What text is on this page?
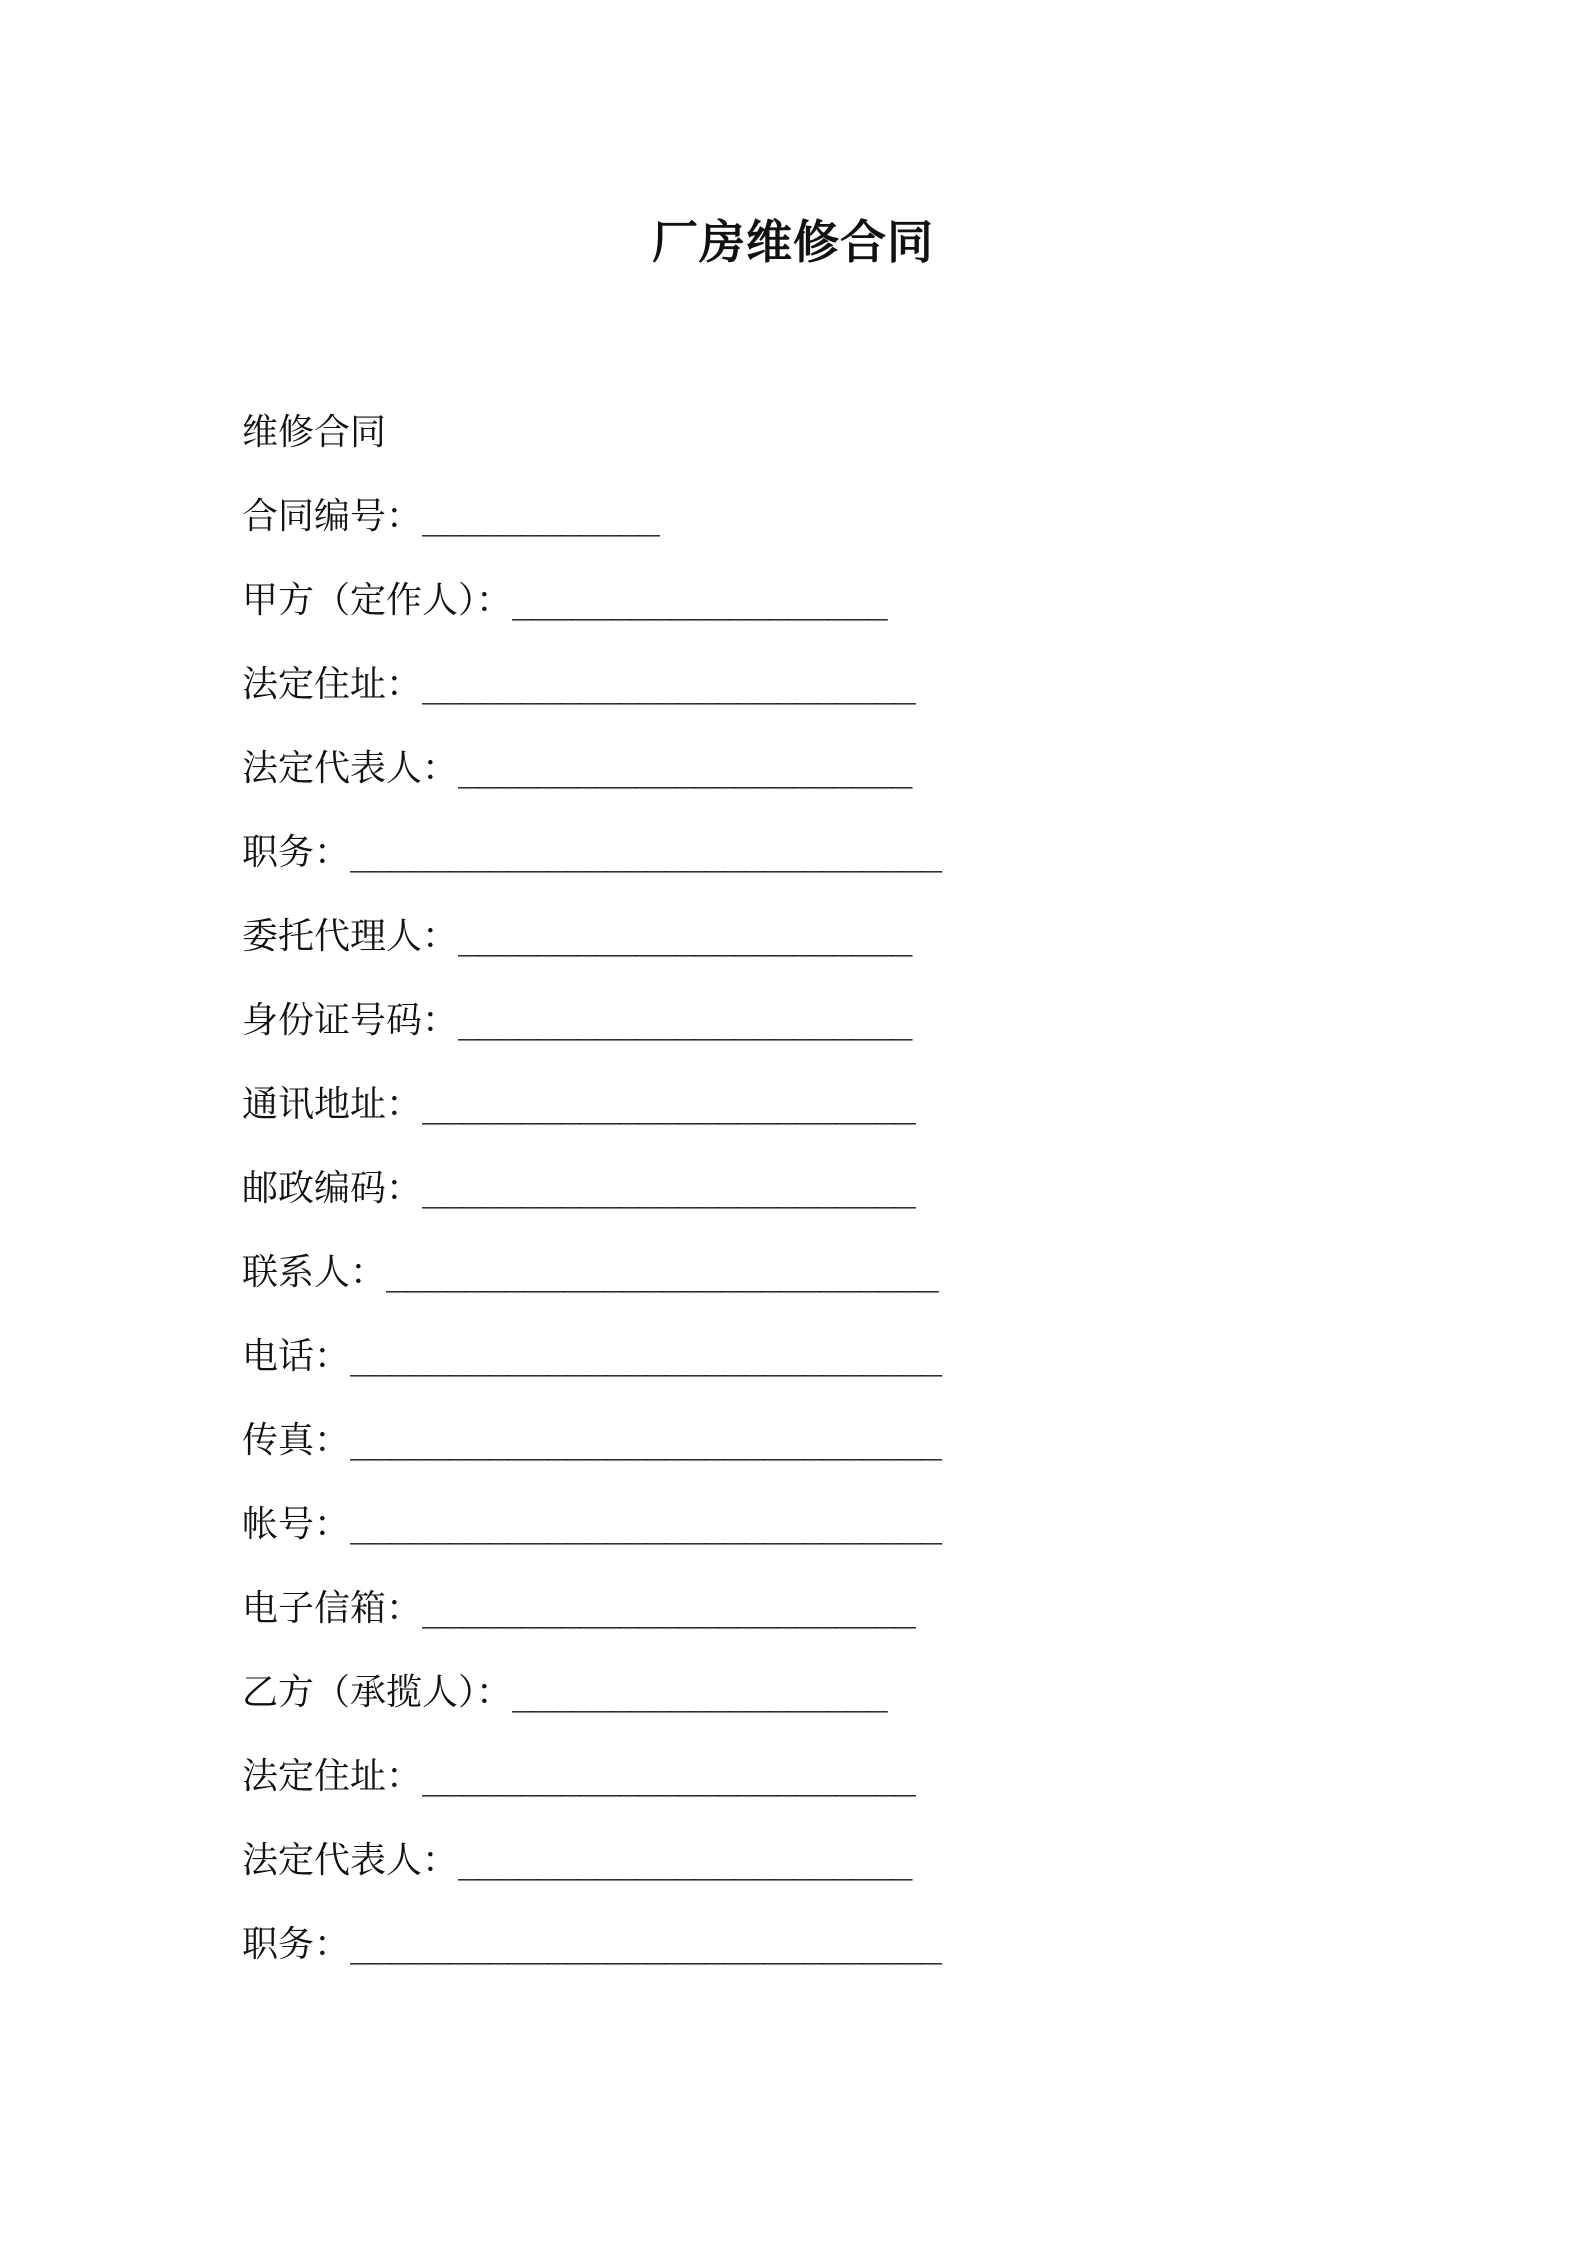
厂房维修合同
维修合同
合同编号：____________
甲方（定作人）：___________________
法定住址：_________________________
法定代表人：_______________________
职务：______________________________
委托代理人：_______________________
身份证号码：_______________________
通讯地址：_________________________
邮政编码：_________________________
联系人：____________________________
电话：______________________________
传真：______________________________
帐号：______________________________
电子信箱：_________________________
乙方（承揽人）：___________________
法定住址：_________________________
法定代表人：_______________________
职务：______________________________
